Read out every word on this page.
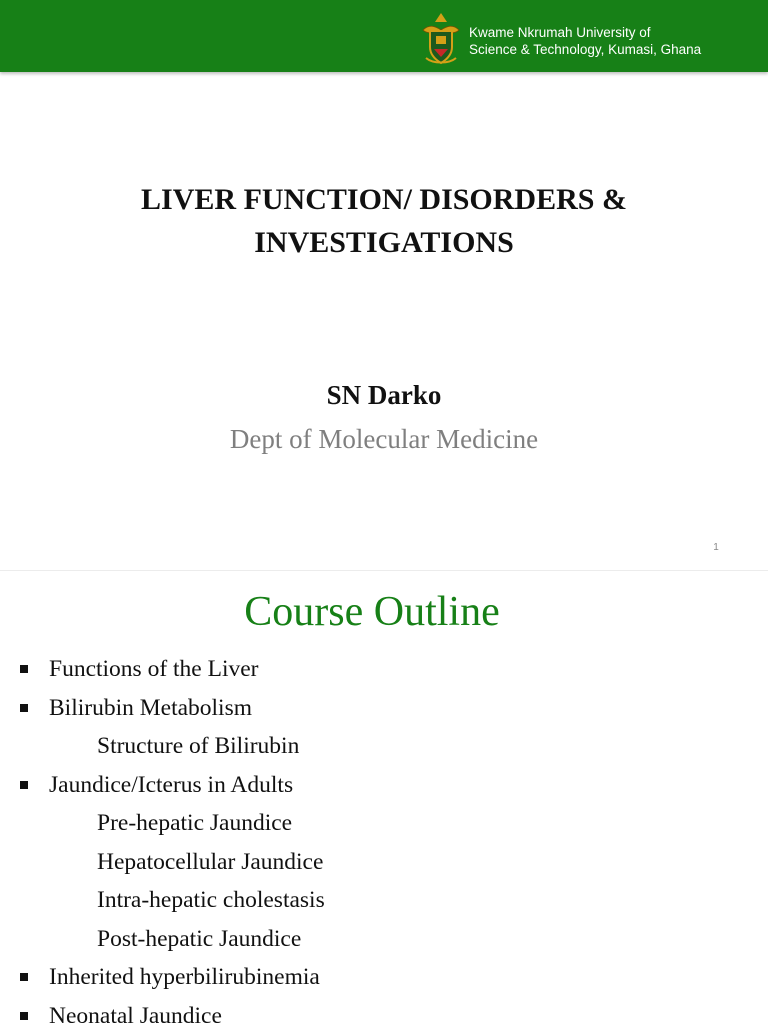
Kwame Nkrumah University of
Science & Technology, Kumasi, Ghana
LIVER FUNCTION/ DISORDERS &
INVESTIGATIONS
SN Darko
Dept of Molecular Medicine
1
Course Outline
Functions of the Liver
Bilirubin Metabolism
Structure of Bilirubin
Jaundice/Icterus in Adults
Pre-hepatic Jaundice
Hepatocellular Jaundice
Intra-hepatic cholestasis
Post-hepatic Jaundice
Inherited hyperbilirubinemia
Neonatal Jaundice
